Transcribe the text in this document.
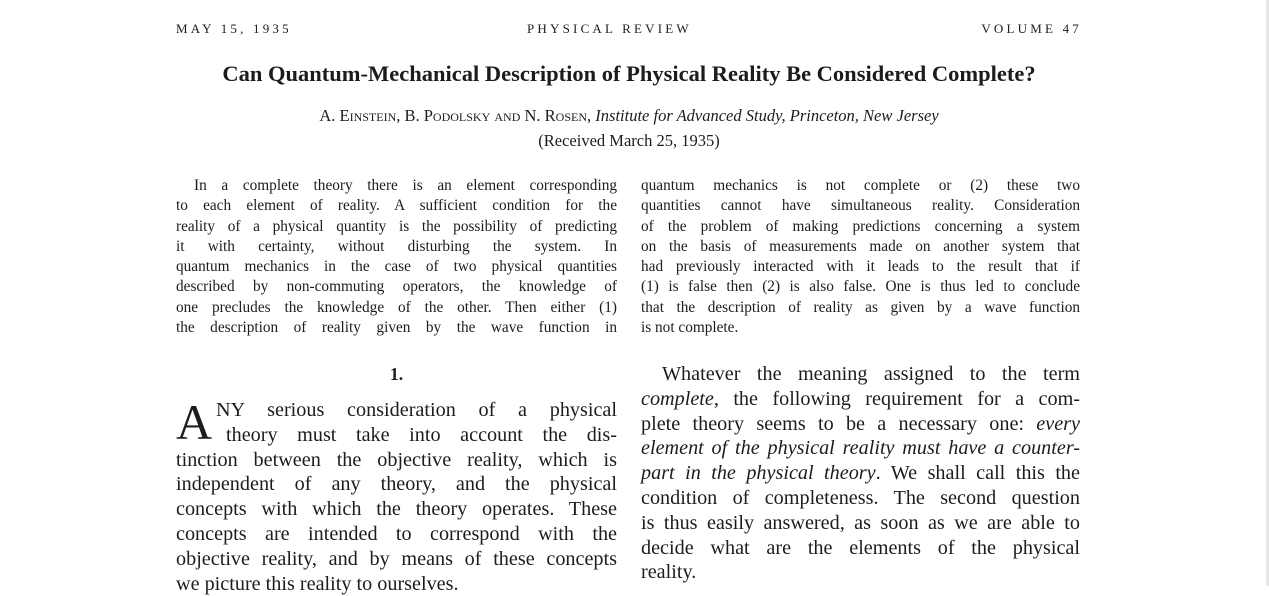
MAY 15, 1935	PHYSICAL REVIEW	VOLUME 47
Can Quantum-Mechanical Description of Physical Reality Be Considered Complete?
A. Einstein, B. Podolsky and N. Rosen, Institute for Advanced Study, Princeton, New Jersey
(Received March 25, 1935)
In a complete theory there is an element corresponding
to each element of reality. A sufficient condition for the
reality of a physical quantity is the possibility of predicting
it with certainty, without disturbing the system. In
quantum mechanics in the case of two physical quantities
described by non-commuting operators, the knowledge of
one precludes the knowledge of the other. Then either (1)
the description of reality given by the wave function in
quantum mechanics is not complete or (2) these two
quantities cannot have simultaneous reality. Consideration
of the problem of making predictions concerning a system
on the basis of measurements made on another system that
had previously interacted with it leads to the result that if
(1) is false then (2) is also false. One is thus led to conclude
that the description of reality as given by a wave function
is not complete.
1.
A NY serious consideration of a physical
theory must take into account the dis-
tinction between the objective reality, which is
independent of any theory, and the physical
concepts with which the theory operates. These
concepts are intended to correspond with the
objective reality, and by means of these concepts
we picture this reality to ourselves.
Whatever the meaning assigned to the term
complete, the following requirement for a com-
plete theory seems to be a necessary one: every
element of the physical reality must have a counter-
part in the physical theory. We shall call this the
condition of completeness. The second question
is thus easily answered, as soon as we are able to
decide what are the elements of the physical
reality.
